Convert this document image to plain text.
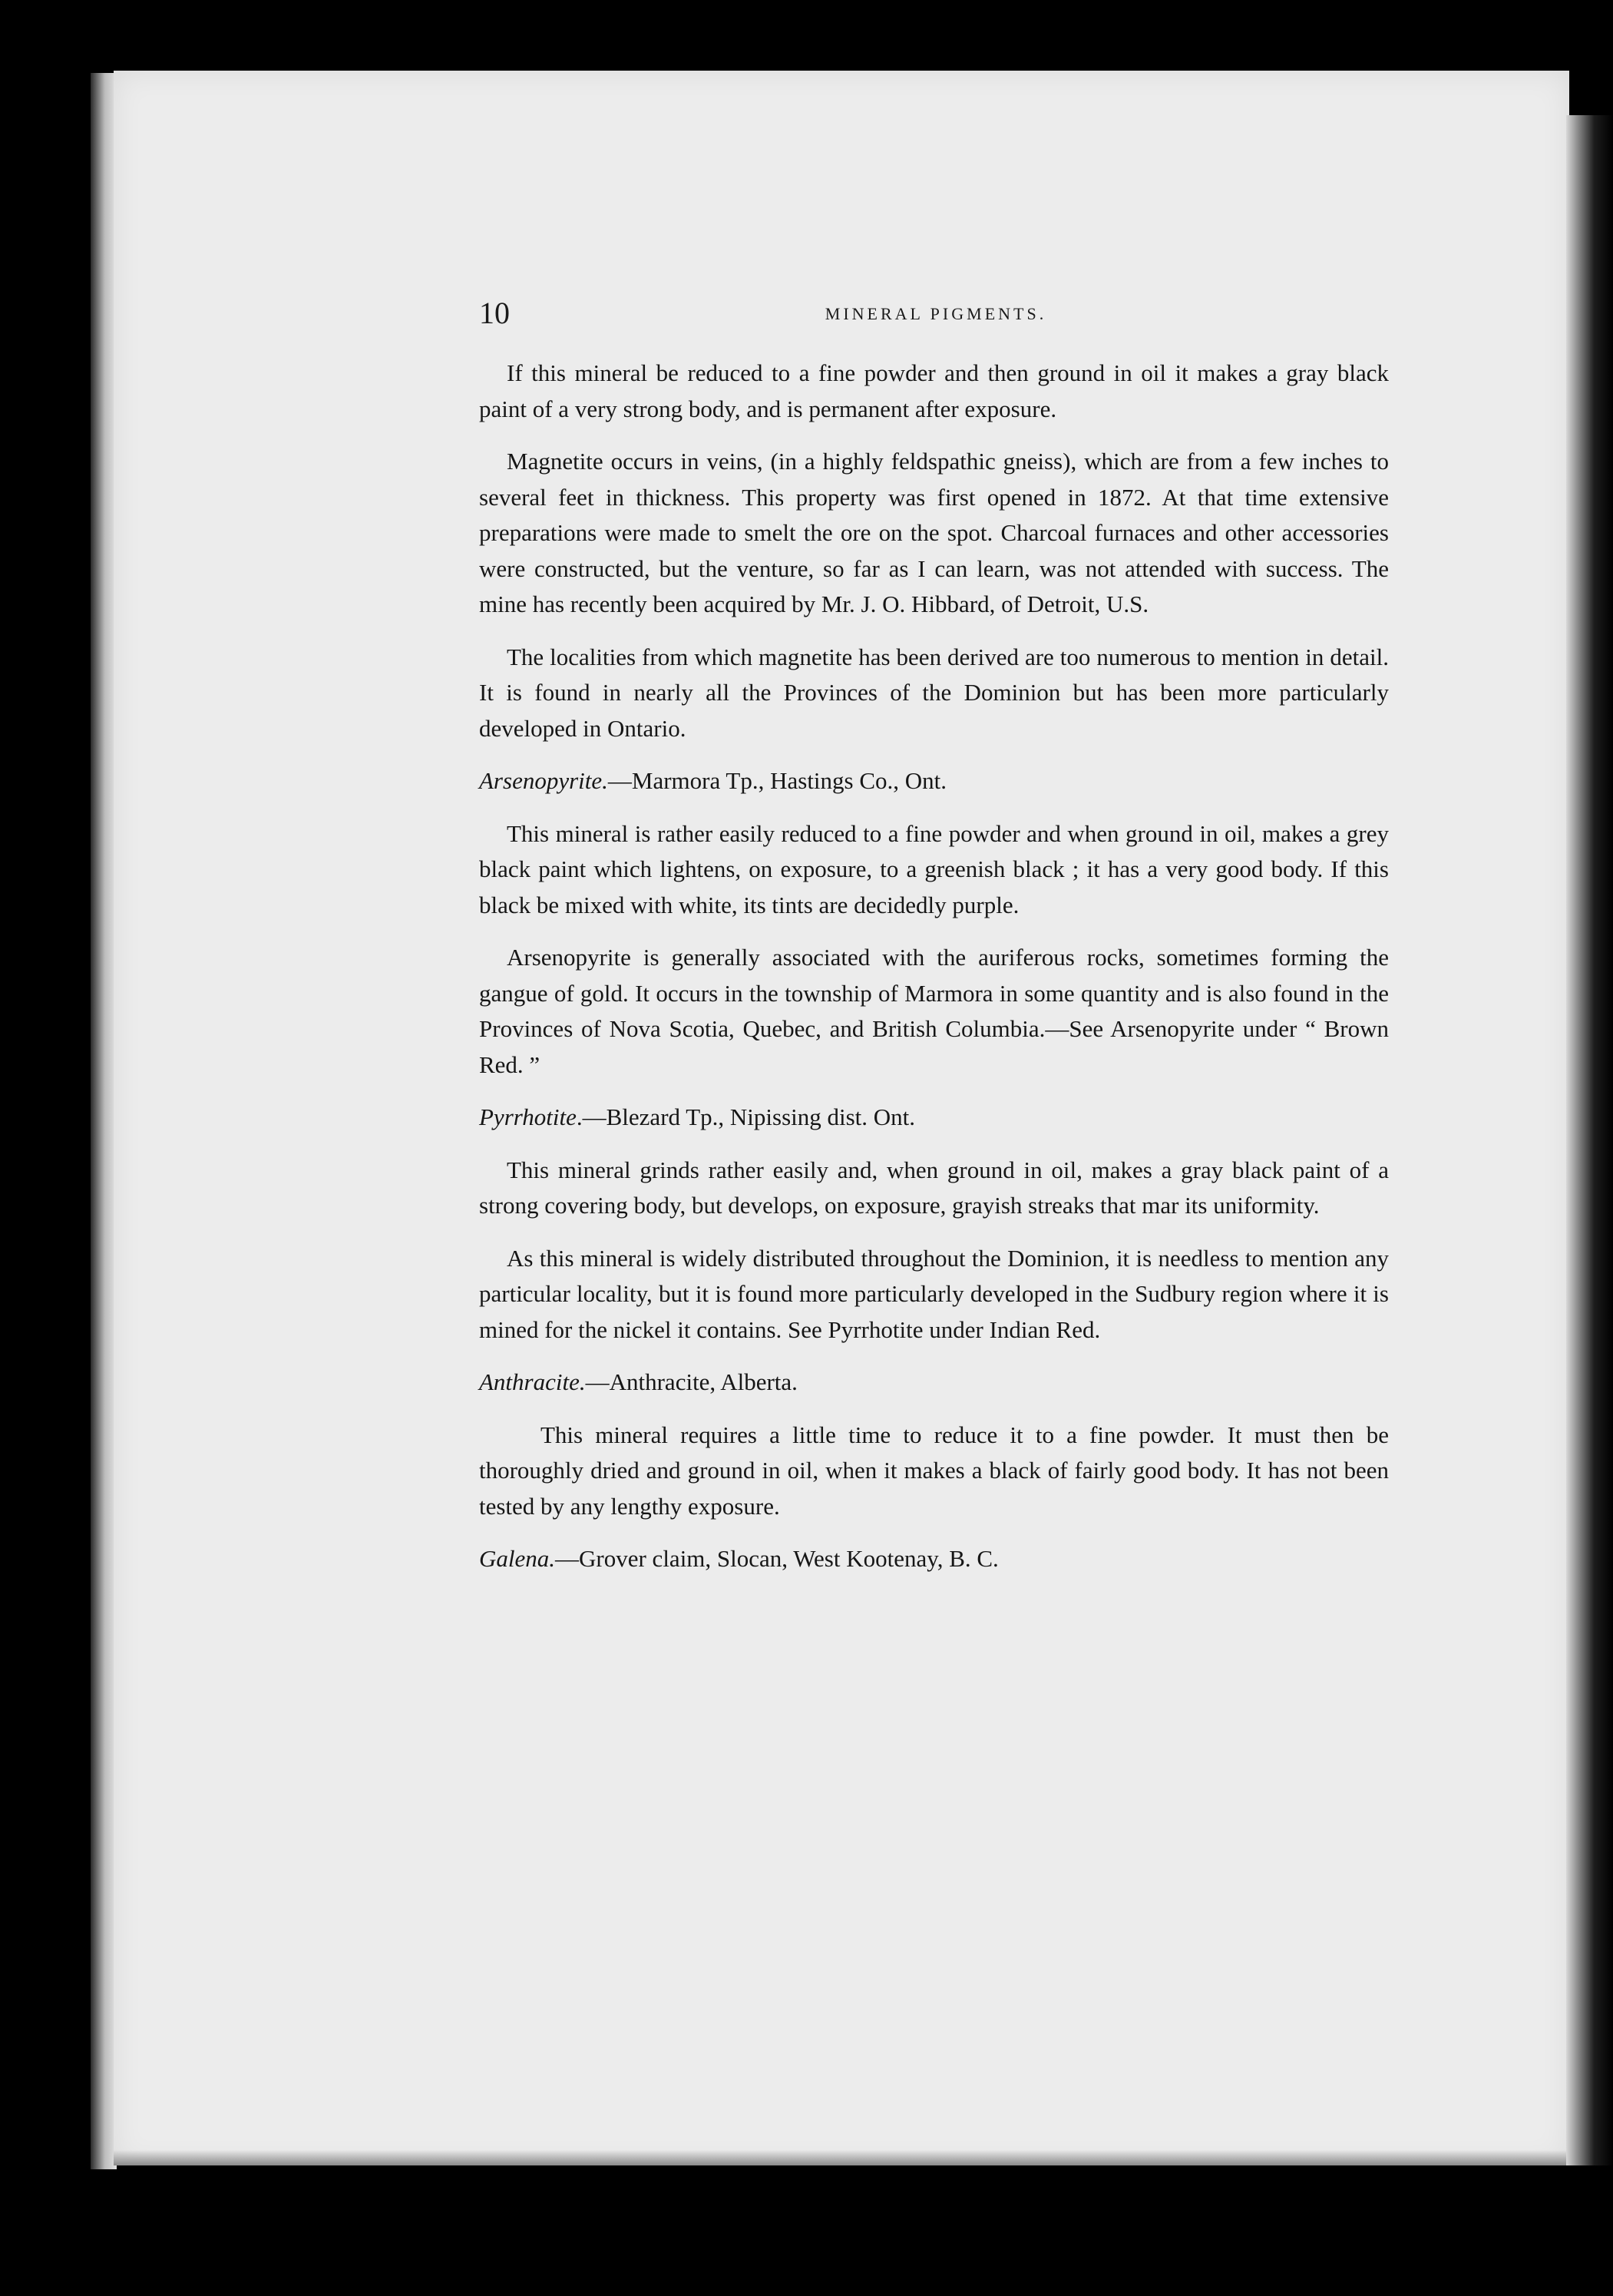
10	MINERAL PIGMENTS.

If this mineral be reduced to a fine powder and then ground in oil it makes a gray black paint of a very strong body, and is permanent after exposure.

Magnetite occurs in veins, (in a highly feldspathic gneiss), which are from a few inches to several feet in thickness. This property was first opened in 1872. At that time extensive preparations were made to smelt the ore on the spot. Charcoal furnaces and other accessories were constructed, but the venture, so far as I can learn, was not attended with success. The mine has recently been acquired by Mr. J. O. Hibbard, of Detroit, U.S.

The localities from which magnetite has been derived are too numerous to mention in detail. It is found in nearly all the Provinces of the Dominion but has been more particularly developed in Ontario.

Arsenopyrite.—Marmora Tp., Hastings Co., Ont.

This mineral is rather easily reduced to a fine powder and when ground in oil, makes a grey black paint which lightens, on exposure, to a greenish black ; it has a very good body. If this black be mixed with white, its tints are decidedly purple.

Arsenopyrite is generally associated with the auriferous rocks, sometimes forming the gangue of gold. It occurs in the township of Marmora in some quantity and is also found in the Provinces of Nova Scotia, Quebec, and British Columbia.—See Arsenopyrite under “ Brown Red. ”

Pyrrhotite.—Blezard Tp., Nipissing dist. Ont.

This mineral grinds rather easily and, when ground in oil, makes a gray black paint of a strong covering body, but develops, on exposure, grayish streaks that mar its uniformity.

As this mineral is widely distributed throughout the Dominion, it is needless to mention any particular locality, but it is found more particularly developed in the Sudbury region where it is mined for the nickel it contains. See Pyrrhotite under Indian Red.

Anthracite.—Anthracite, Alberta.

This mineral requires a little time to reduce it to a fine powder. It must then be thoroughly dried and ground in oil, when it makes a black of fairly good body. It has not been tested by any lengthy exposure.

Galena.—Grover claim, Slocan, West Kootenay, B. C.
